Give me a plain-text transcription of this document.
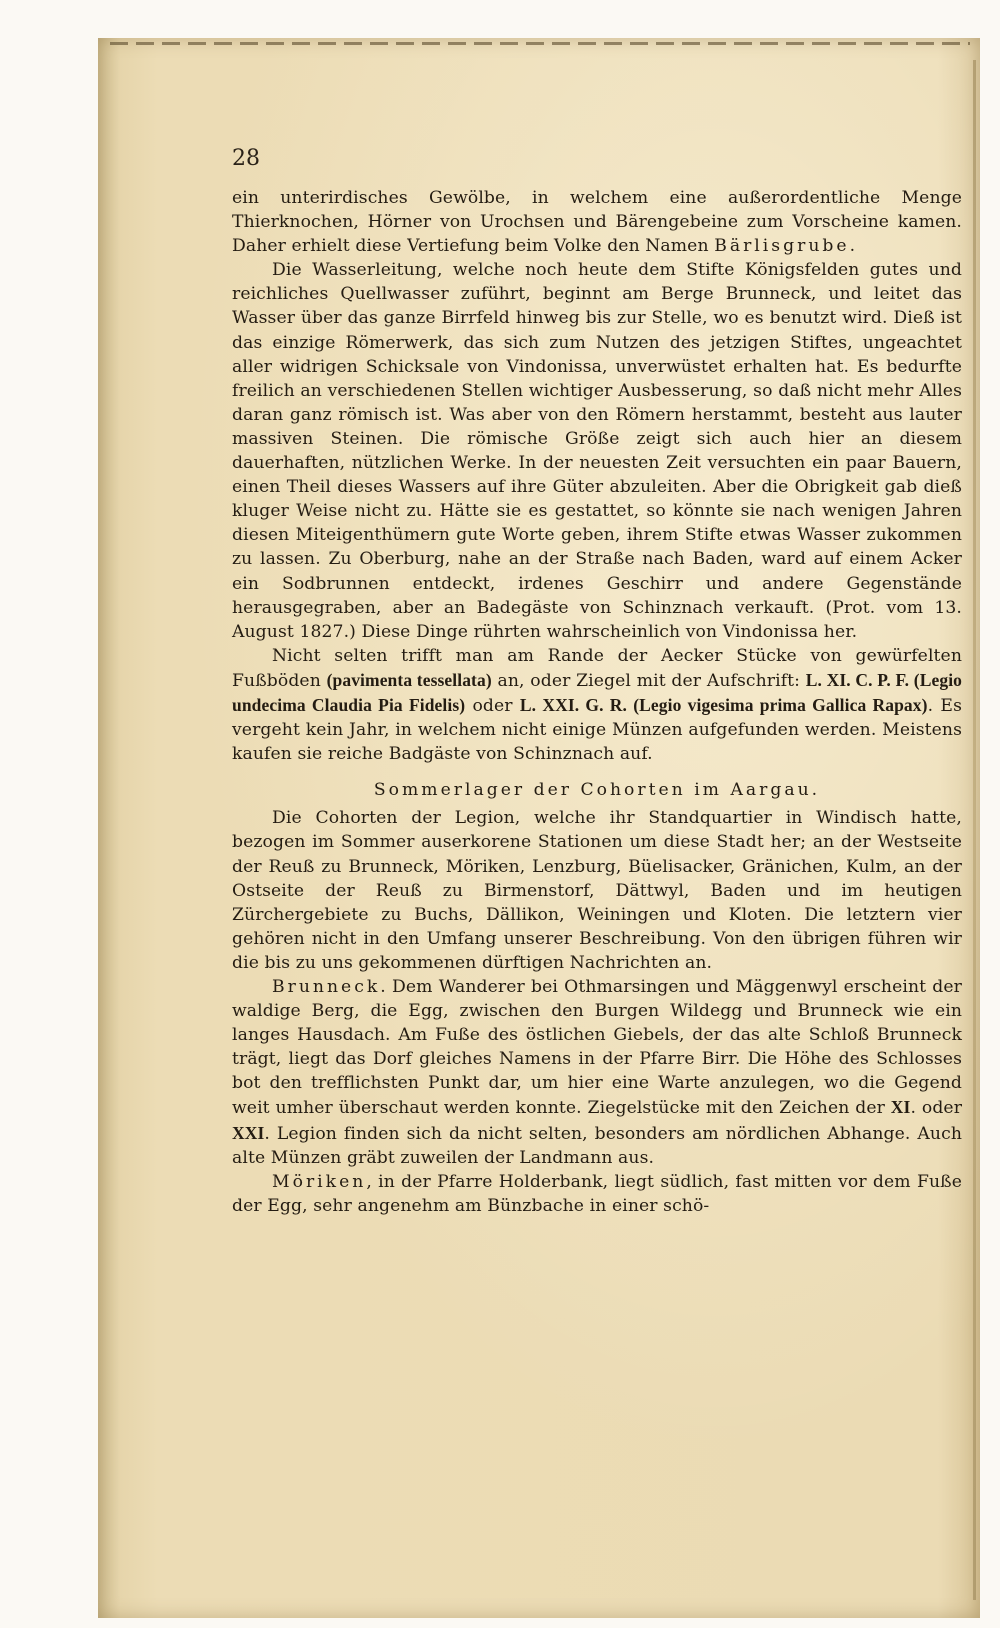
28

ein unterirdisches Gewölbe, in welchem eine außerordentliche Menge Thierknochen, Hörner von Urochsen und Bärengebeine zum Vorscheine kamen. Daher erhielt diese Vertiefung beim Volke den Namen Bärlisgrube.

Die Wasserleitung, welche noch heute dem Stifte Königsfelden gutes und reichliches Quellwasser zuführt, beginnt am Berge Brunneck, und leitet das Wasser über das ganze Birrfeld hinweg bis zur Stelle, wo es benutzt wird. Dieß ist das einzige Römerwerk, das sich zum Nutzen des jetzigen Stiftes, ungeachtet aller widrigen Schicksale von Vindonissa, unverwüstet erhalten hat. Es bedurfte freilich an verschiedenen Stellen wichtiger Ausbesserung, so daß nicht mehr Alles daran ganz römisch ist. Was aber von den Römern herstammt, besteht aus lauter massiven Steinen. Die römische Größe zeigt sich auch hier an diesem dauerhaften, nützlichen Werke. In der neuesten Zeit versuchten ein paar Bauern, einen Theil dieses Wassers auf ihre Güter abzuleiten. Aber die Obrigkeit gab dieß kluger Weise nicht zu. Hätte sie es gestattet, so könnte sie nach wenigen Jahren diesen Miteigenthümern gute Worte geben, ihrem Stifte etwas Wasser zukommen zu lassen. Zu Oberburg, nahe an der Straße nach Baden, ward auf einem Acker ein Sodbrunnen entdeckt, irdenes Geschirr und andere Gegenstände herausgegraben, aber an Badegäste von Schinznach verkauft. (Prot. vom 13. August 1827.) Diese Dinge rührten wahrscheinlich von Vindonissa her.

Nicht selten trifft man am Rande der Aecker Stücke von gewürfelten Fußböden (pavimenta tessellata) an, oder Ziegel mit der Aufschrift: L. XI. C. P. F. (Legio undecima Claudia Pia Fidelis) oder L. XXI. G. R. (Legio vigesima prima Gallica Rapax). Es vergeht kein Jahr, in welchem nicht einige Münzen aufgefunden werden. Meistens kaufen sie reiche Badgäste von Schinznach auf.

Sommerlager der Cohorten im Aargau.

Die Cohorten der Legion, welche ihr Standquartier in Windisch hatte, bezogen im Sommer auserkorene Stationen um diese Stadt her; an der Westseite der Reuß zu Brunneck, Möriken, Lenzburg, Büelisacker, Gränichen, Kulm, an der Ostseite der Reuß zu Birmenstorf, Dättwyl, Baden und im heutigen Zürchergebiete zu Buchs, Dällikon, Weiningen und Kloten. Die letztern vier gehören nicht in den Umfang unserer Beschreibung. Von den übrigen führen wir die bis zu uns gekommenen dürftigen Nachrichten an.

Brunneck. Dem Wanderer bei Othmarsingen und Mäggenwyl erscheint der waldige Berg, die Egg, zwischen den Burgen Wildegg und Brunneck wie ein langes Hausdach. Am Fuße des östlichen Giebels, der das alte Schloß Brunneck trägt, liegt das Dorf gleiches Namens in der Pfarre Birr. Die Höhe des Schlosses bot den trefflichsten Punkt dar, um hier eine Warte anzulegen, wo die Gegend weit umher überschaut werden konnte. Ziegelstücke mit den Zeichen der XI. oder XXI. Legion finden sich da nicht selten, besonders am nördlichen Abhange. Auch alte Münzen gräbt zuweilen der Landmann aus.

Möriken, in der Pfarre Holderbank, liegt südlich, fast mitten vor dem Fuße der Egg, sehr angenehm am Bünzbache in einer schö-
